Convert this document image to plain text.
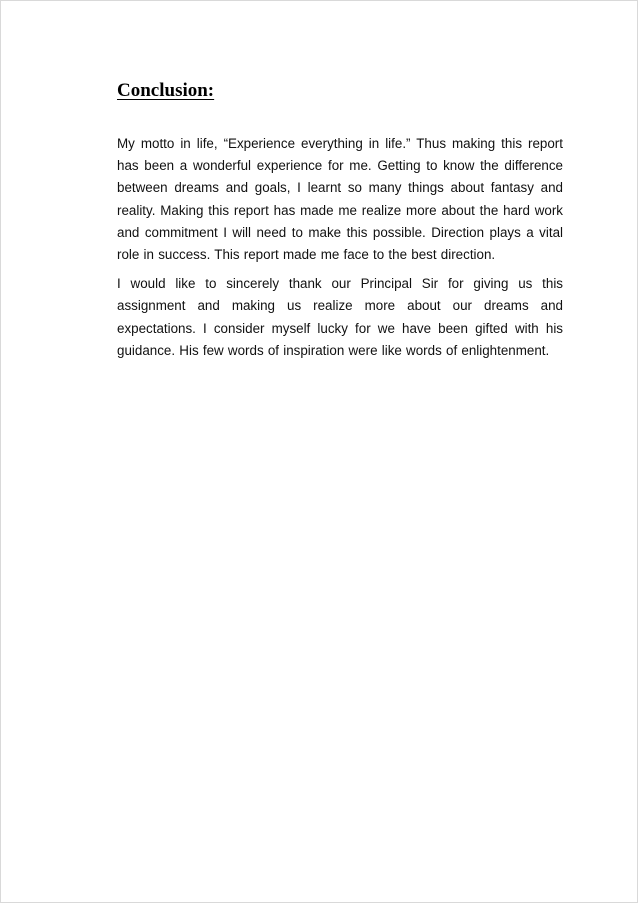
Conclusion:

My motto in life, “Experience everything in life.” Thus making this report has been a wonderful experience for me. Getting to know the difference between dreams and goals, I learnt so many things about fantasy and reality. Making this report has made me realize more about the hard work and commitment I will need to make this possible. Direction plays a vital role in success. This report made me face to the best direction.

I would like to sincerely thank our Principal Sir for giving us this assignment and making us realize more about our dreams and expectations. I consider myself lucky for we have been gifted with his guidance. His few words of inspiration were like words of enlightenment.
